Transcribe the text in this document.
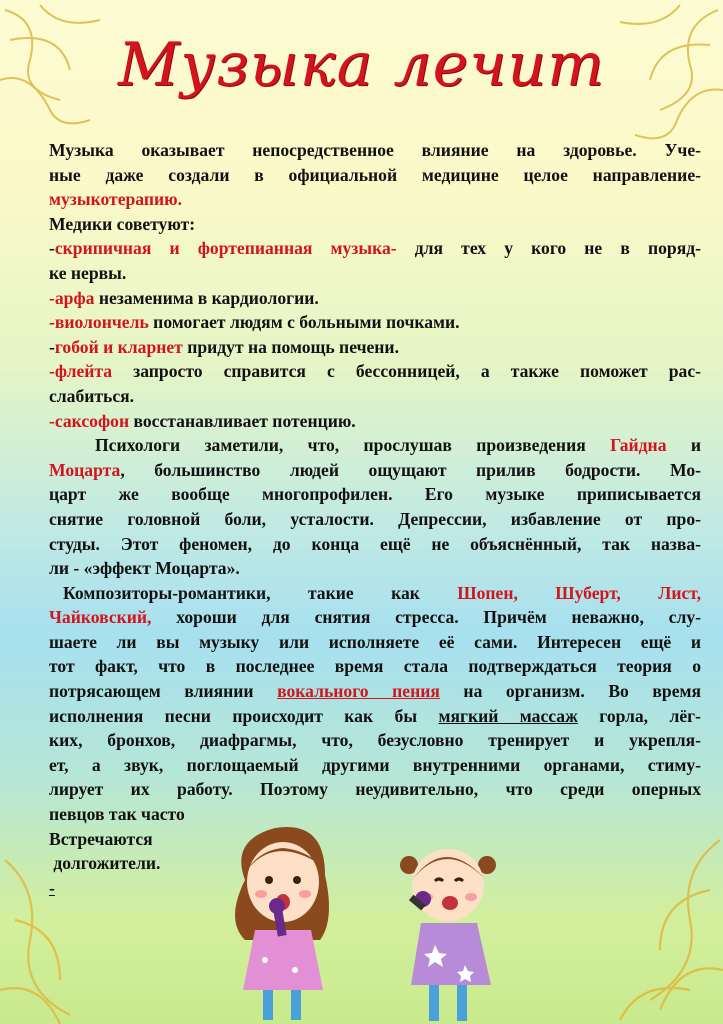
Музыка лечит

Музыка оказывает непосредственное влияние на здоровье. Уче-

ные даже создали в официальной медицине целое направление-

музыкотерапию.

Медики советуют:

-скрипичная и фортепианная музыка- для тех у кого не в поряд-

ке нервы.

-арфа незаменима в кардиологии.

-виолончель помогает людям с больными почками.

-гобой и кларнет придут на помощь печени.

-флейта запросто справится с бессонницей, а также поможет рас-

слабиться.

-саксофон восстанавливает потенцию.

Психологи заметили, что, прослушав произведения Гайдна и

Моцарта, большинство людей ощущают прилив бодрости. Мо-

царт же вообще многопрофилен. Его музыке приписывается

снятие головной боли, усталости. Депрессии, избавление от про-

студы. Этот феномен, до конца ещё не объяснённый, так назва-

ли - «эффект Моцарта».

Композиторы-романтики, такие как Шопен, Шуберт, Лист,

Чайковский, хороши для снятия стресса. Причём неважно, слу-

шаете ли вы музыку или исполняете её сами. Интересен ещё и

тот факт, что в последнее время стала подтверждаться теория о

потрясающем влиянии вокального пения на организм. Во время

исполнения песни происходит как бы мягкий массаж горла, лёг-

ких, бронхов, диафрагмы, что, безусловно тренирует и укрепля-

ет, а звук, поглощаемый другими внутренними органами, стиму-

лирует их работу. Поэтому неудивительно, что среди оперных

певцов так часто

Встречаются

долгожители.

-
